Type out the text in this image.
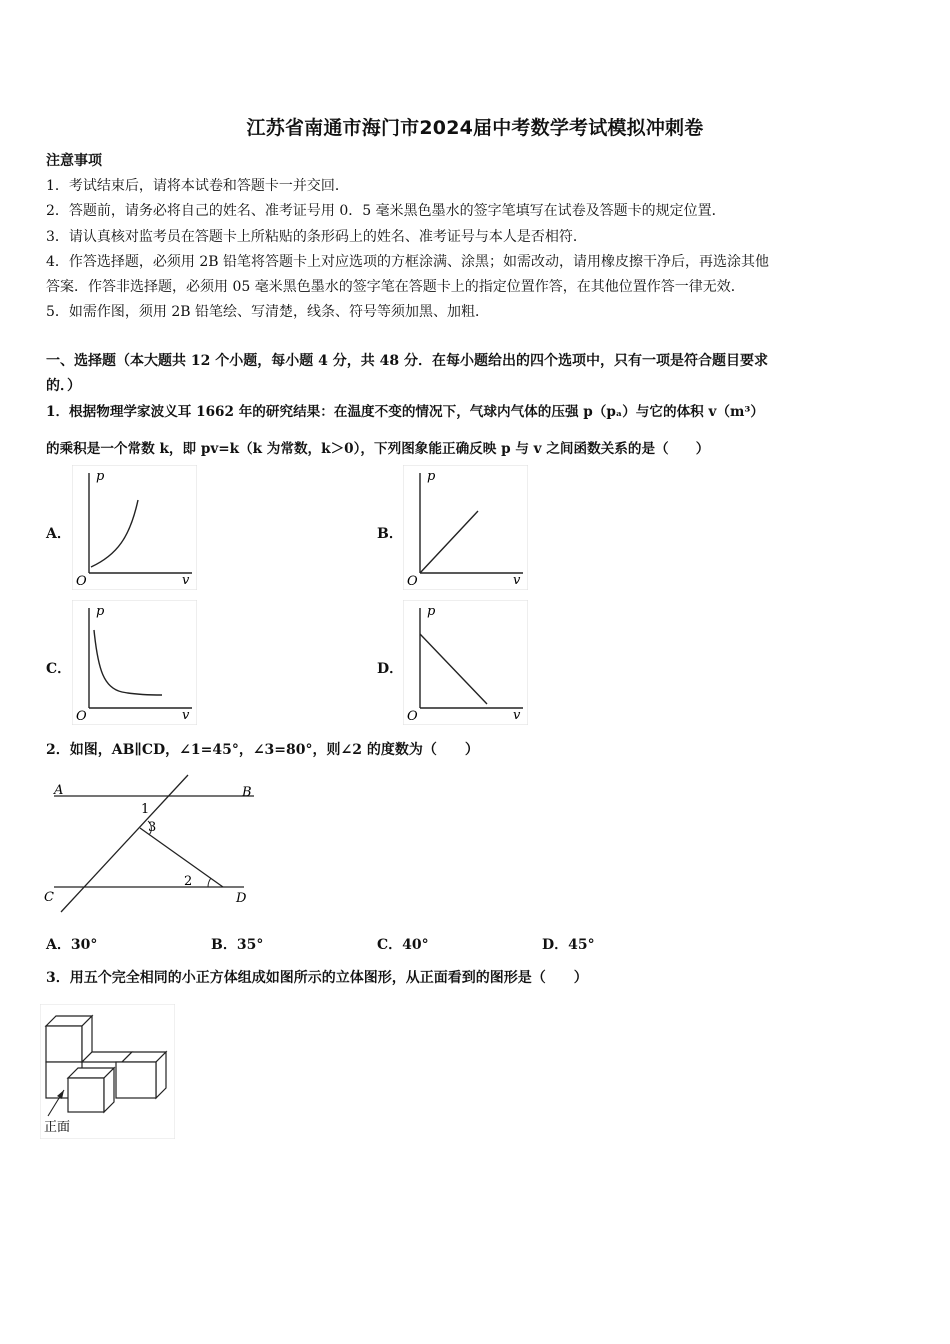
江苏省南通市海门市2024届中考数学考试模拟冲刺卷
注意事项
1．考试结束后，请将本试卷和答题卡一并交回．
2．答题前，请务必将自己的姓名、准考证号用 0．5 毫米黑色墨水的签字笔填写在试卷及答题卡的规定位置．
3．请认真核对监考员在答题卡上所粘贴的条形码上的姓名、准考证号与本人是否相符．
4．作答选择题，必须用 2B 铅笔将答题卡上对应选项的方框涂满、涂黑；如需改动，请用橡皮擦干净后，再选涂其他
答案．作答非选择题，必须用 05 毫米黑色墨水的签字笔在答题卡上的指定位置作答，在其他位置作答一律无效．
5．如需作图，须用 2B 铅笔绘、写清楚，线条、符号等须加黑、加粗．
一、选择题（本大题共 12 个小题，每小题 4 分，共 48 分．在每小题给出的四个选项中，只有一项是符合题目要求
的．）
1．根据物理学家波义耳 1662 年的研究结果：在温度不变的情况下，气球内气体的压强 p（pₐ）与它的体积 v（m³）
的乘积是一个常数 k，即 pv=k（k 为常数，k＞0），下列图象能正确反映 p 与 v 之间函数关系的是（　　）
A．	B．
C．	D．
p
O	v
p
O	v
p
O	v
p
O	v
2．如图，AB∥CD，∠1=45°，∠3=80°，则∠2 的度数为（　　）
A	B
C	D
1
3
2
A．30°	B．35°	C．40°	D．45°
3．用五个完全相同的小正方体组成如图所示的立体图形，从正面看到的图形是（　　）
正面
